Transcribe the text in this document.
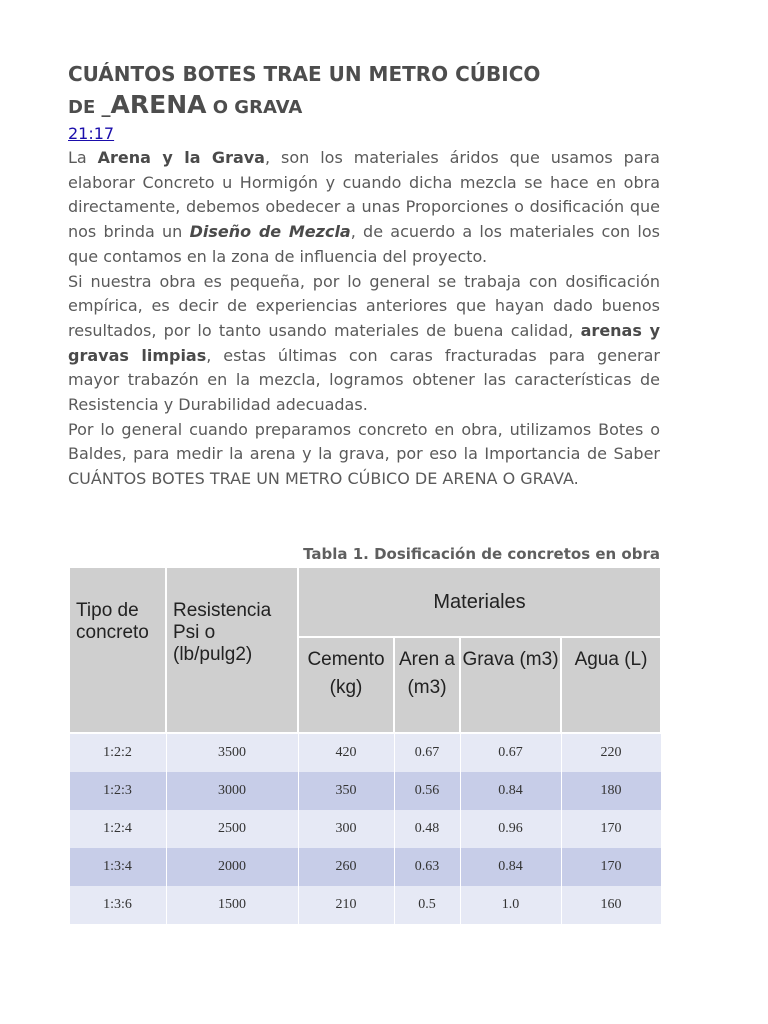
CUÁNTOS BOTES TRAE UN METRO CÚBICO
DE _ARENA O GRAVA
21:17

La Arena y la Grava, son los materiales áridos que usamos para elaborar Concreto u Hormigón y cuando dicha mezcla se hace en obra directamente, debemos obedecer a unas Proporciones o dosificación que nos brinda un Diseño de Mezcla, de acuerdo a los materiales con los que contamos en la zona de influencia del proyecto.

Si nuestra obra es pequeña, por lo general se trabaja con dosificación empírica, es decir de experiencias anteriores que hayan dado buenos resultados, por lo tanto usando materiales de buena calidad, arenas y gravas limpias, estas últimas con caras fracturadas para generar mayor trabazón en la mezcla, logramos obtener las características de Resistencia y Durabilidad adecuadas.

Por lo general cuando preparamos concreto en obra, utilizamos Botes o Baldes, para medir la arena y la grava, por eso la Importancia de Saber CUÁNTOS BOTES TRAE UN METRO CÚBICO DE ARENA O GRAVA.

Tabla 1. Dosificación de concretos en obra
Tipo de concreto	Resistencia Psi o (lb/pulg2)	Materiales			
		Cemento (kg)	Aren a (m3)	Grava (m3)	Agua (L)
1:2:2	3500	420	0.67	0.67	220
1:2:3	3000	350	0.56	0.84	180
1:2:4	2500	300	0.48	0.96	170
1:3:4	2000	260	0.63	0.84	170
1:3:6	1500	210	0.5	1.0	160
